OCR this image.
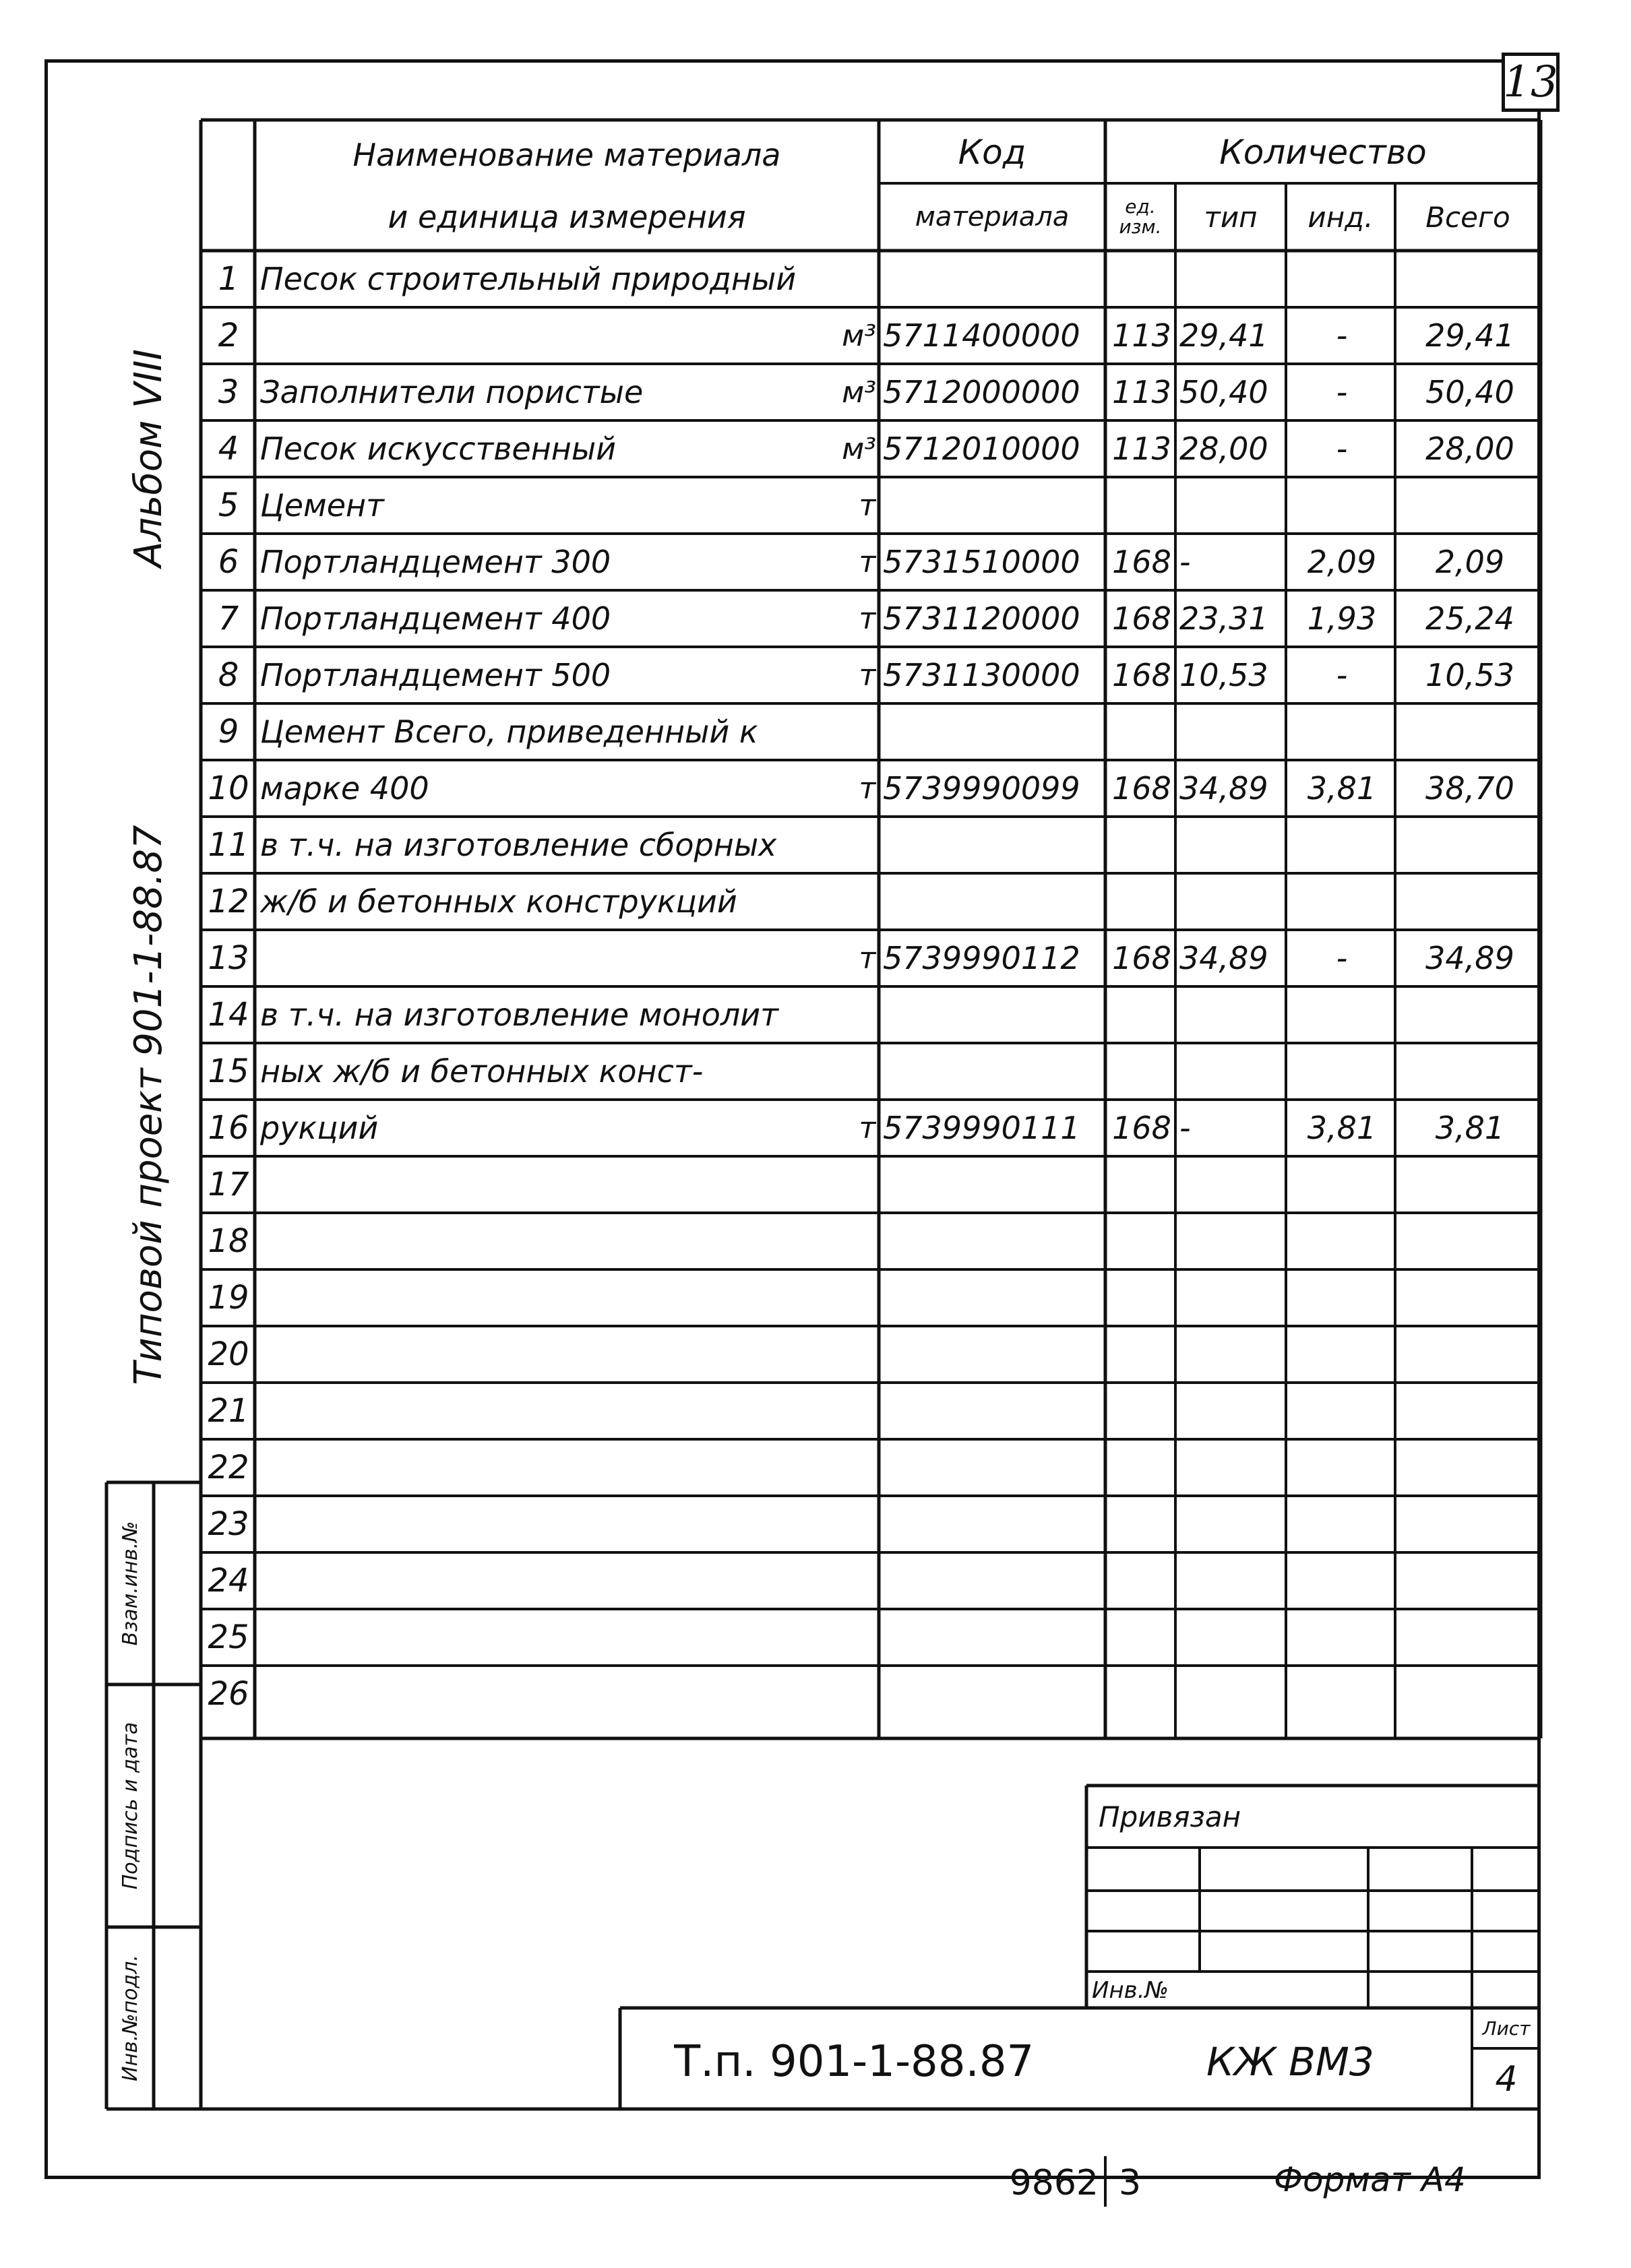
13
Наименование материала
и единица измерения
Код	Количество
материала	ед. изм.	тип	инд.	Всего
1 Песок строительный природный
2	м³ 5711400000	113 29,41	-	29,41
3 Заполнители пористые	м³ 5712000000	113 50,40	-	50,40
4 Песок искусственный	м³ 5712010000	113 28,00	-	28,00
5 Цемент	т
6 Портландцемент 300	т 5731510000	168 -	2,09	2,09
7 Портландцемент 400	т 5731120000	168 23,31	1,93	25,24
8 Портландцемент 500	т 5731130000	168 10,53	-	10,53
9 Цемент Всего, приведенный к
10 марке 400	т 5739990099	168 34,89	3,81	38,70
11 в т.ч. на изготовление сборных
12 ж/б и бетонных конструкций
13	т 5739990112	168 34,89	-	34,89
14 в т.ч. на изготовление монолит
15 ных ж/б и бетонных конст-
16 рукций	т 5739990111	168 -	3,81	3,81
17
18
19
20
21
22
23
24
25
26
Альбом VIII
Типовой проект 901-1-88.87
Взам.инв.№
Подпись и дата
Инв.№подл.
Привязан
Инв.№
Т.п. 901-1-88.87	КЖ ВМ3
Лист
4
9862 3	Формат А4
